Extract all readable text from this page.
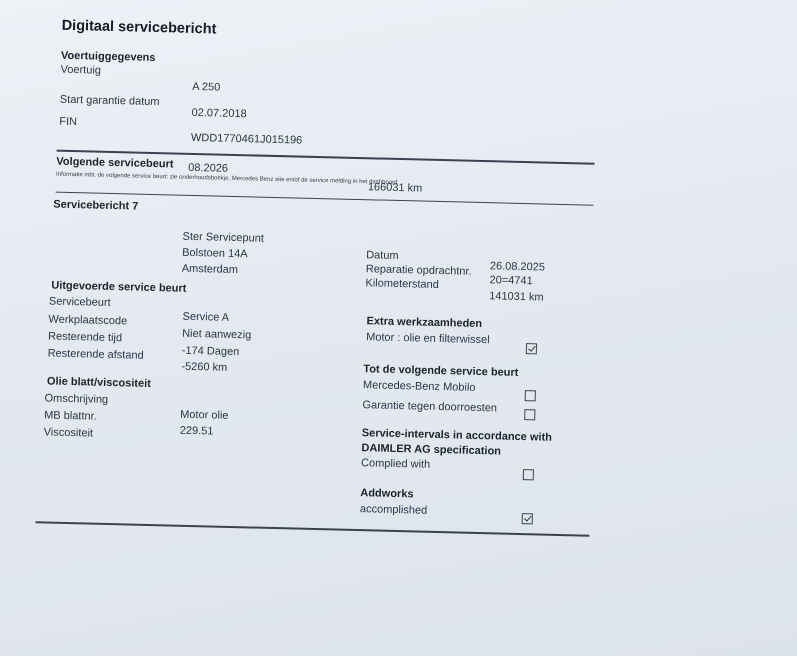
Digitaal servicebericht
Voertuiggegevens
Voertuig
A 250
Start garantie datum
02.07.2018
FIN
WDD1770461J015196
Volgende servicebeurt 08.2026
166031 km
Informatie mbt. de volgende service beurt: zie onderhoudsboekje, Mercedes Benz site en/of de service melding in het dashboard
Servicebericht 7
Ster Servicepunt
Bolstoen 14A
Amsterdam
Datum
Reparatie opdrachtnr.
Kilometerstand
26.08.2025
20=4741
141031 km
Uitgevoerde service beurt
Servicebeurt
Service A
Werkplaatscode
Niet aanwezig
Resterende tijd
-174 Dagen
Resterende afstand
-5260 km
Olie blatt/viscositeit
Omschrijving
Motor olie
MB blattnr.
229.51
Viscositeit
Extra werkzaamheden
Motor : olie en filterwissel
Tot de volgende service beurt
Mercedes-Benz Mobilo
Garantie tegen doorroesten
Service-intervals in accordance with
DAIMLER AG specification
Complied with
Addworks
accomplished
